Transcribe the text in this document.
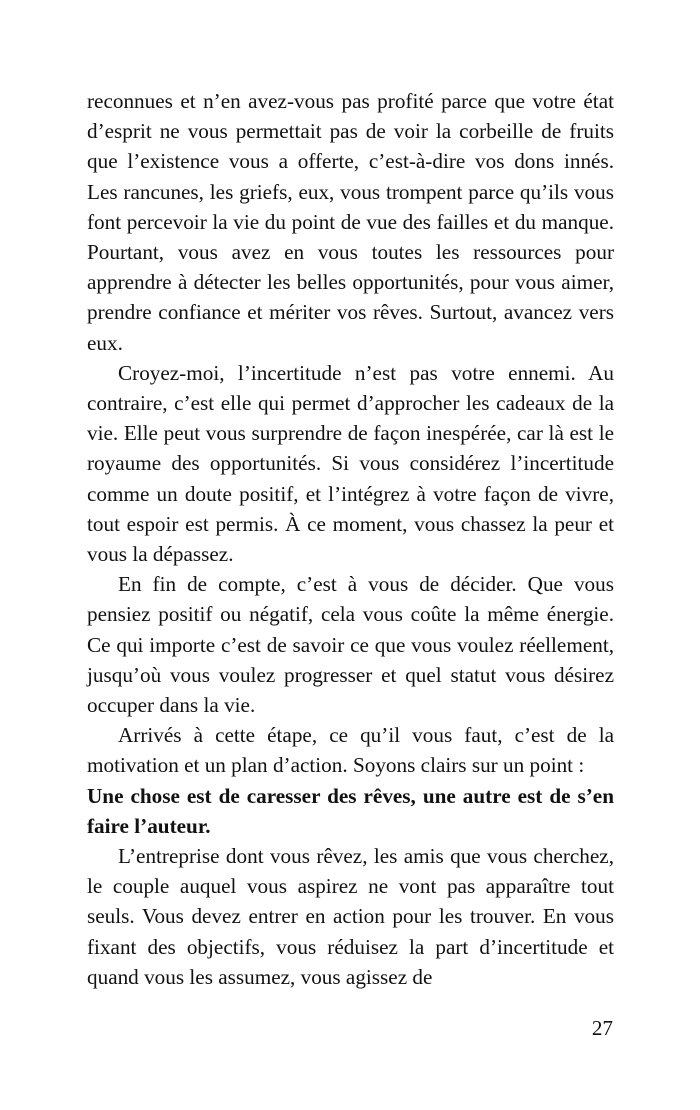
reconnues et n’en avez-vous pas profité parce que votre état d’esprit ne vous permettait pas de voir la corbeille de fruits que l’existence vous a offerte, c’est-à-dire vos dons innés. Les rancunes, les griefs, eux, vous trompent parce qu’ils vous font percevoir la vie du point de vue des failles et du manque. Pourtant, vous avez en vous toutes les ressources pour apprendre à détecter les belles opportunités, pour vous aimer, prendre confiance et mériter vos rêves. Surtout, avancez vers eux.

Croyez-moi, l’incertitude n’est pas votre ennemi. Au contraire, c’est elle qui permet d’approcher les cadeaux de la vie. Elle peut vous surprendre de façon inespérée, car là est le royaume des opportunités. Si vous considérez l’incertitude comme un doute positif, et l’intégrez à votre façon de vivre, tout espoir est permis. À ce moment, vous chassez la peur et vous la dépassez.

En fin de compte, c’est à vous de décider. Que vous pensiez positif ou négatif, cela vous coûte la même énergie. Ce qui importe c’est de savoir ce que vous voulez réellement, jusqu’où vous voulez progresser et quel statut vous désirez occuper dans la vie.

Arrivés à cette étape, ce qu’il vous faut, c’est de la motivation et un plan d’action. Soyons clairs sur un point :

Une chose est de caresser des rêves, une autre est de s’en faire l’auteur.

L’entreprise dont vous rêvez, les amis que vous cherchez, le couple auquel vous aspirez ne vont pas apparaître tout seuls. Vous devez entrer en action pour les trouver. En vous fixant des objectifs, vous réduisez la part d’incertitude et quand vous les assumez, vous agissez de

27
